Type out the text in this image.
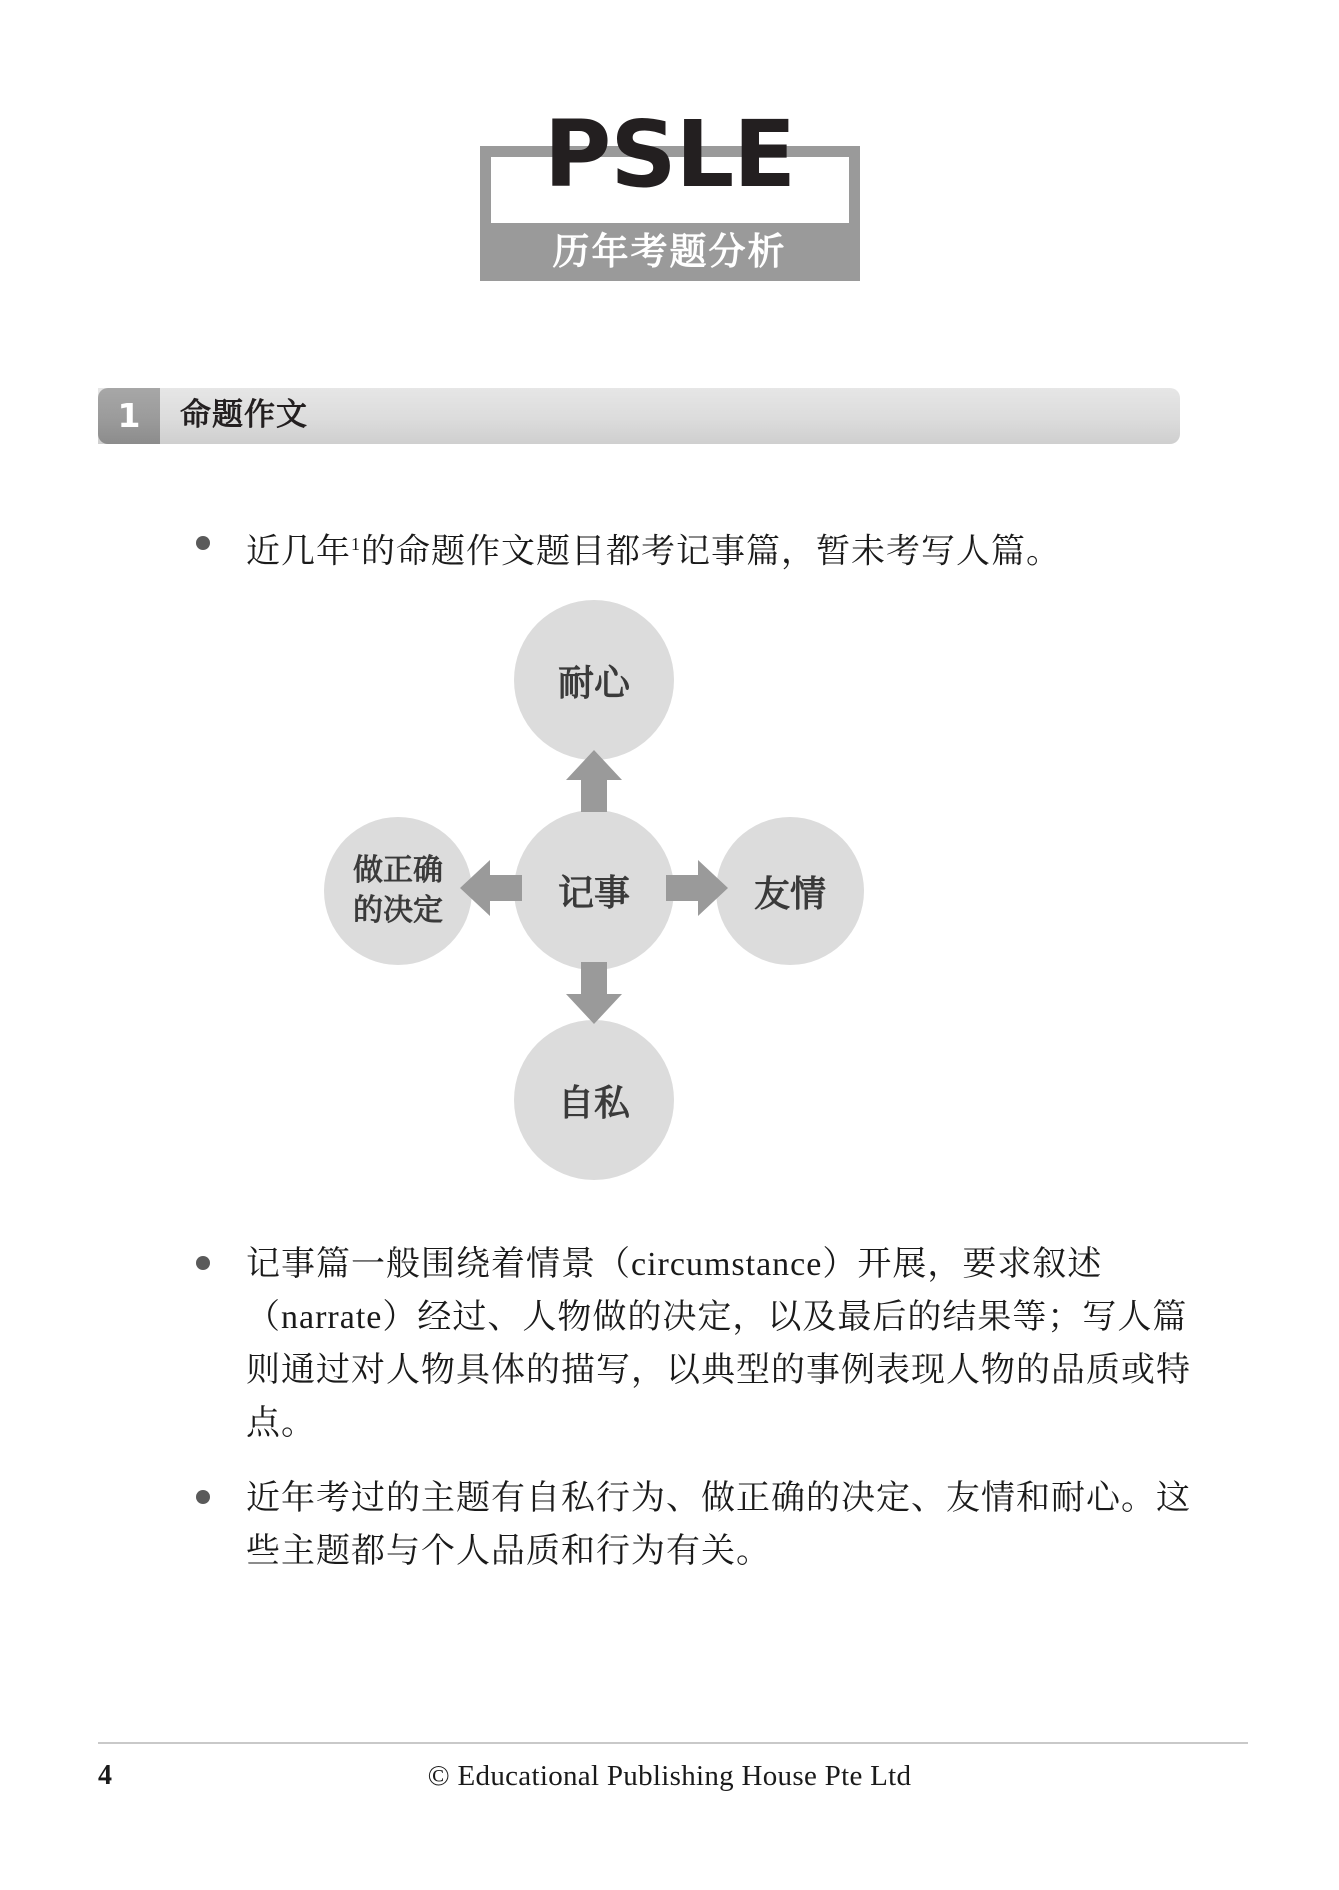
PSLE
历年考题分析
1	命题作文
近几年$^1$的命题作文题目都考记事篇，暂未考写人篇。
耐心
做正确
的决定	记事	友情
自私
记事篇一般围绕着情景（circumstance）开展，要求叙述（narrate）经过、人物做的决定，以及最后的结果等；写人篇则通过对人物具体的描写，以典型的事例表现人物的品质或特点。
近年考过的主题有自私行为、做正确的决定、友情和耐心。这些主题都与个人品质和行为有关。
4	© Educational Publishing House Pte Ltd
